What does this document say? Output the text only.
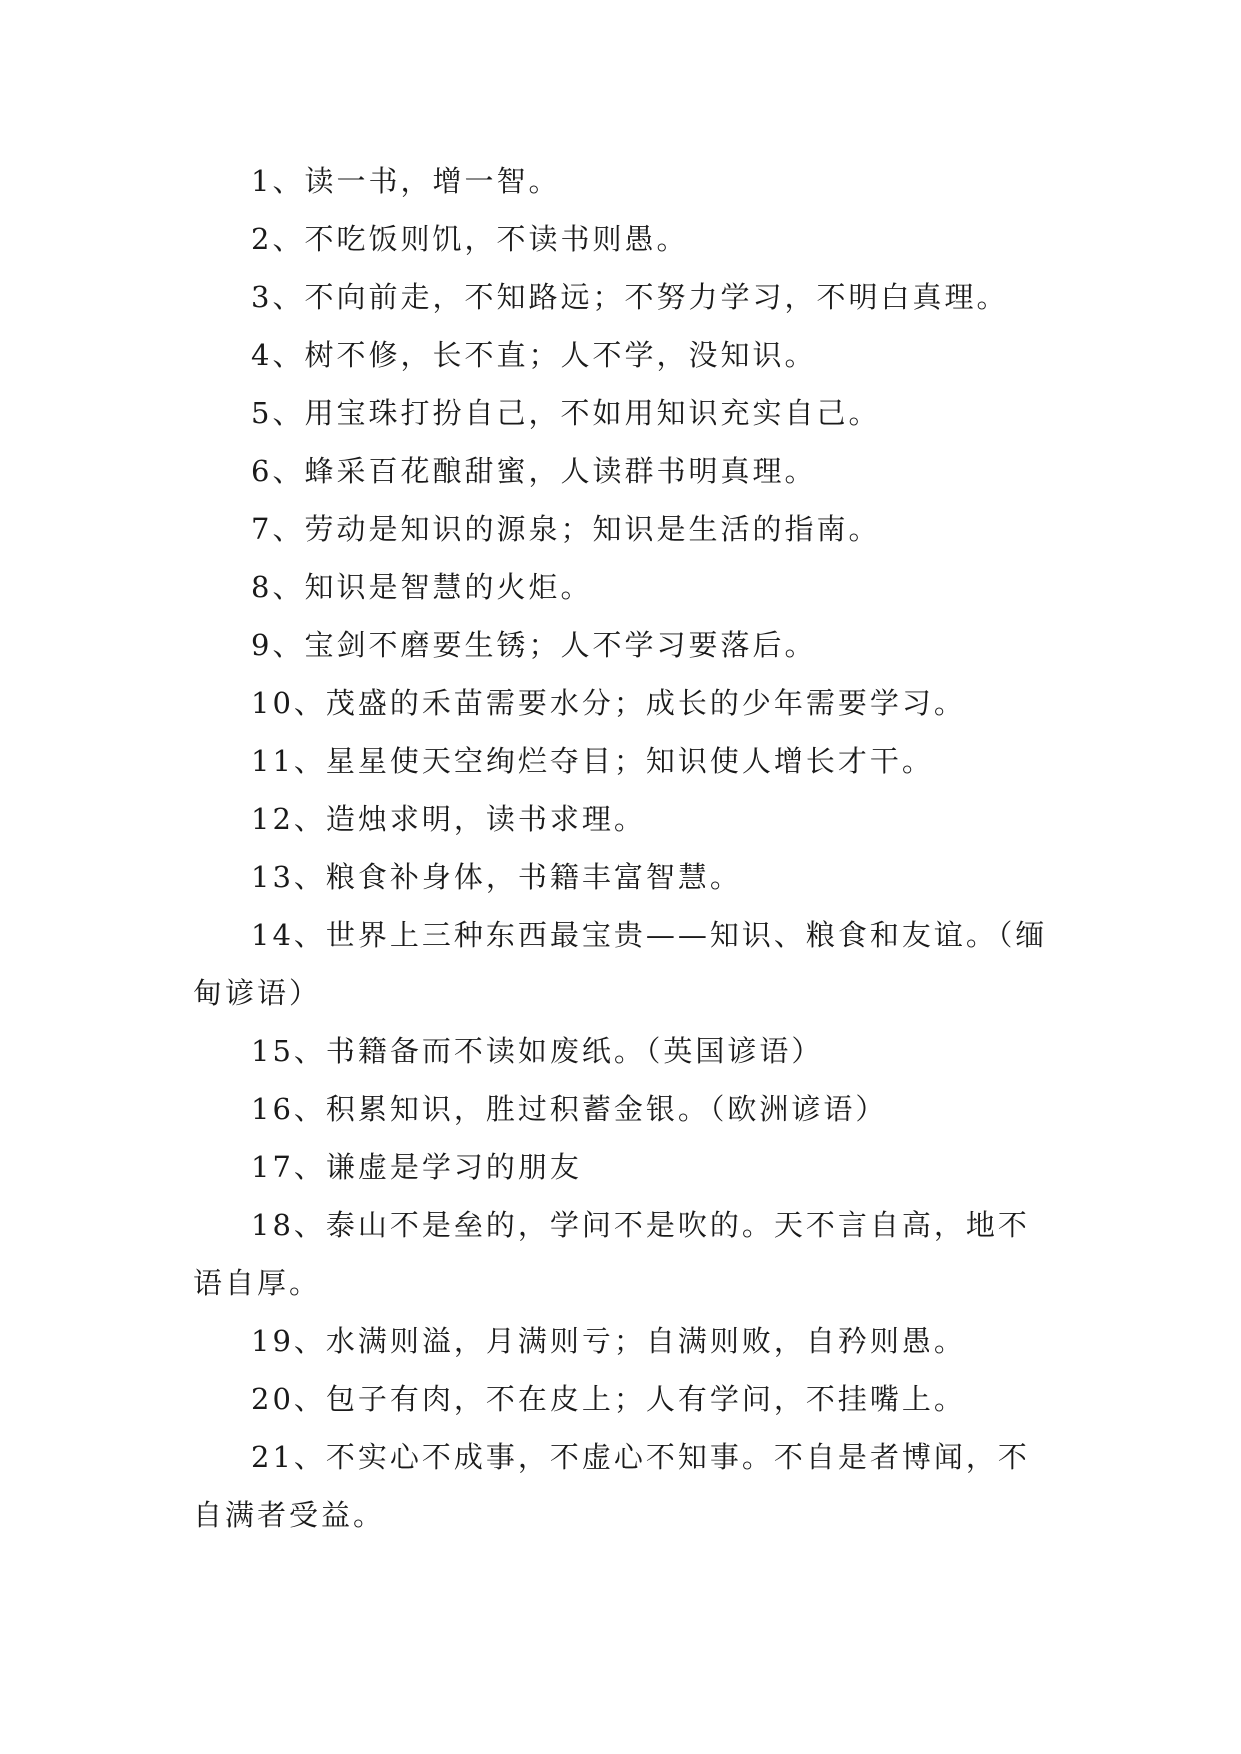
1、读一书，增一智。

2、不吃饭则饥，不读书则愚。

3、不向前走，不知路远；不努力学习，不明白真理。

4、树不修，长不直；人不学，没知识。

5、用宝珠打扮自己，不如用知识充实自己。

6、蜂采百花酿甜蜜，人读群书明真理。

7、劳动是知识的源泉；知识是生活的指南。

8、知识是智慧的火炬。

9、宝剑不磨要生锈；人不学习要落后。

10、茂盛的禾苗需要水分；成长的少年需要学习。

11、星星使天空绚烂夺目；知识使人增长才干。

12、造烛求明，读书求理。

13、粮食补身体，书籍丰富智慧。

14、世界上三种东西最宝贵——知识、粮食和友谊。（缅甸谚语）

15、书籍备而不读如废纸。（英国谚语）

16、积累知识，胜过积蓄金银。（欧洲谚语）

17、谦虚是学习的朋友

18、泰山不是垒的，学问不是吹的。天不言自高，地不语自厚。

19、水满则溢，月满则亏；自满则败，自矜则愚。

20、包子有肉，不在皮上；人有学问，不挂嘴上。

21、不实心不成事，不虚心不知事。不自是者博闻，不自满者受益。
